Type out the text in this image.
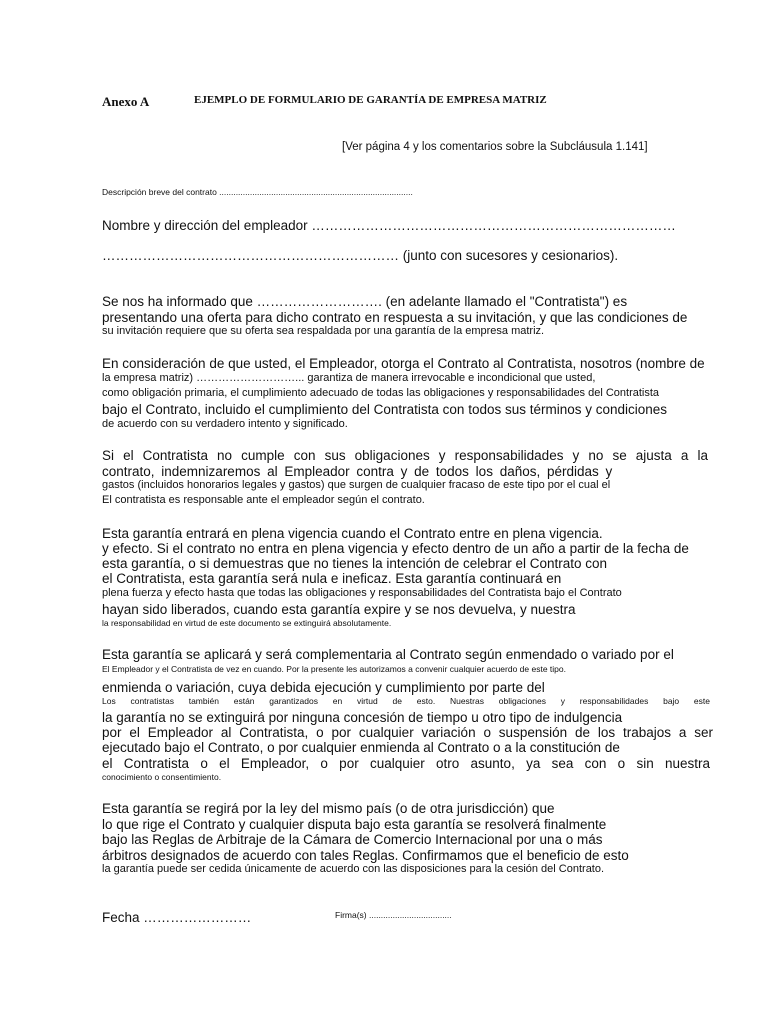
Anexo A	EJEMPLO DE FORMULARIO DE GARANTÍA DE EMPRESA MATRIZ
[Ver página 4 y los comentarios sobre la Subcláusula 1.141]
Descripción breve del contrato ..................................................................................
Nombre y dirección del empleador ………………………………………………………………………
………………………………………………………… (junto con sucesores y cesionarios).
Se nos ha informado que ………………………. (en adelante llamado el "Contratista") es
presentando una oferta para dicho contrato en respuesta a su invitación, y que las condiciones de
su invitación requiere que su oferta sea respaldada por una garantía de la empresa matriz.
En consideración de que usted, el Empleador, otorga el Contrato al Contratista, nosotros (nombre de
la empresa matriz) ………………………... garantiza de manera irrevocable e incondicional que usted,
como obligación primaria, el cumplimiento adecuado de todas las obligaciones y responsabilidades del Contratista
bajo el Contrato, incluido el cumplimiento del Contratista con todos sus términos y condiciones
de acuerdo con su verdadero intento y significado.
Si el Contratista no cumple con sus obligaciones y responsabilidades y no se ajusta a la
contrato, indemnizaremos al Empleador contra y de todos los daños, pérdidas y
gastos (incluidos honorarios legales y gastos) que surgen de cualquier fracaso de este tipo por el cual el
El contratista es responsable ante el empleador según el contrato.
Esta garantía entrará en plena vigencia cuando el Contrato entre en plena vigencia.
y efecto. Si el contrato no entra en plena vigencia y efecto dentro de un año a partir de la fecha de
esta garantía, o si demuestras que no tienes la intención de celebrar el Contrato con
el Contratista, esta garantía será nula e ineficaz. Esta garantía continuará en
plena fuerza y efecto hasta que todas las obligaciones y responsabilidades del Contratista bajo el Contrato
hayan sido liberados, cuando esta garantía expire y se nos devuelva, y nuestra
la responsabilidad en virtud de este documento se extinguirá absolutamente.
Esta garantía se aplicará y será complementaria al Contrato según enmendado o variado por el
El Empleador y el Contratista de vez en cuando. Por la presente les autorizamos a convenir cualquier acuerdo de este tipo.
enmienda o variación, cuya debida ejecución y cumplimiento por parte del
Los contratistas también están garantizados en virtud de esto. Nuestras obligaciones y responsabilidades bajo este
la garantía no se extinguirá por ninguna concesión de tiempo u otro tipo de indulgencia
por el Empleador al Contratista, o por cualquier variación o suspensión de los trabajos a ser
ejecutado bajo el Contrato, o por cualquier enmienda al Contrato o a la constitución de
el Contratista o el Empleador, o por cualquier otro asunto, ya sea con o sin nuestra
conocimiento o consentimiento.
Esta garantía se regirá por la ley del mismo país (o de otra jurisdicción) que
lo que rige el Contrato y cualquier disputa bajo esta garantía se resolverá finalmente
bajo las Reglas de Arbitraje de la Cámara de Comercio Internacional por una o más
árbitros designados de acuerdo con tales Reglas. Confirmamos que el beneficio de esto
la garantía puede ser cedida únicamente de acuerdo con las disposiciones para la cesión del Contrato.
Fecha ……………………	Firma(s) ...................................
